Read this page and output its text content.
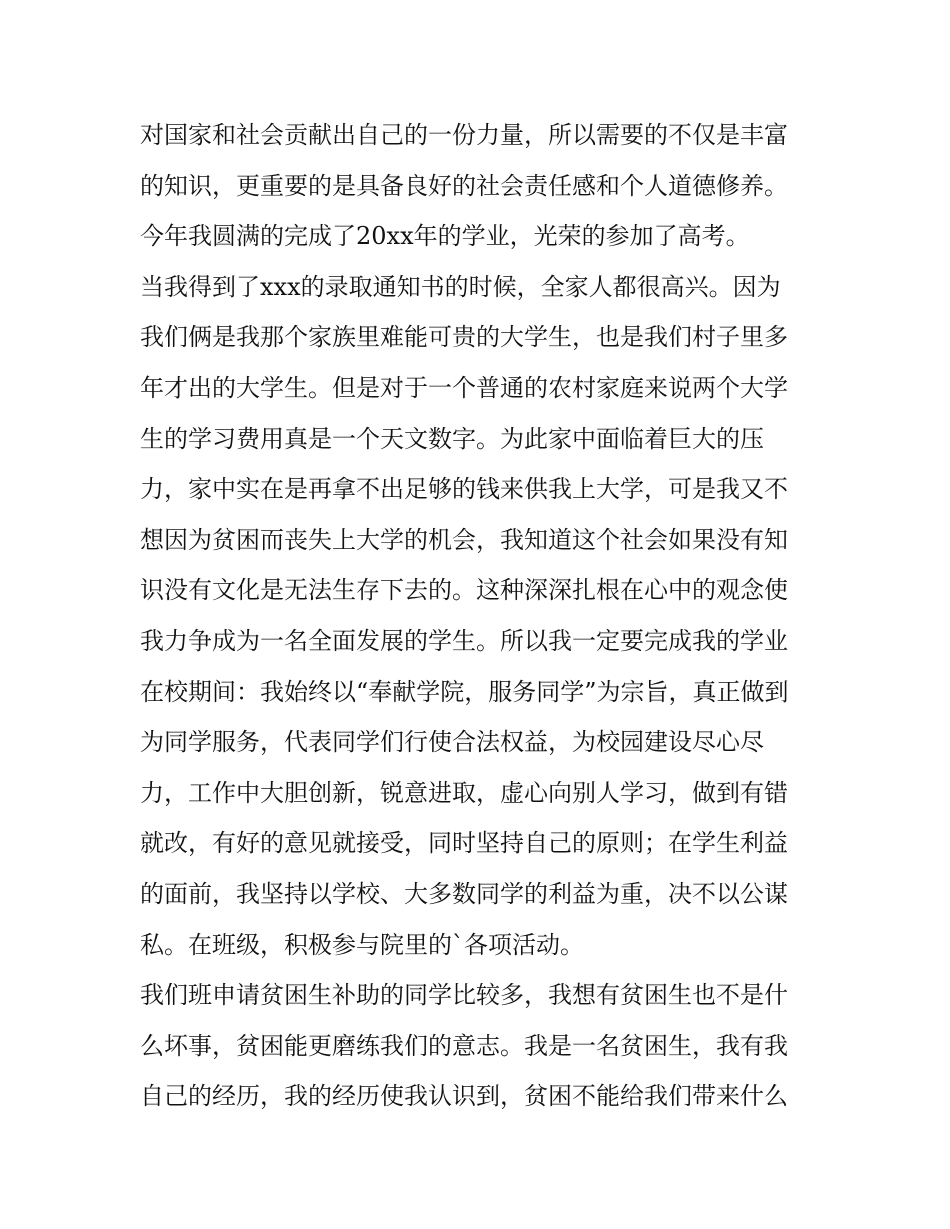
对国家和社会贡献出自己的一份力量，所以需要的不仅是丰富
的知识，更重要的是具备良好的社会责任感和个人道德修养。
今年我圆满的完成了20xx年的学业，光荣的参加了高考。
当我得到了xxx的录取通知书的时候，全家人都很高兴。因为
我们俩是我那个家族里难能可贵的大学生，也是我们村子里多
年才出的大学生。但是对于一个普通的农村家庭来说两个大学
生的学习费用真是一个天文数字。为此家中面临着巨大的压
力，家中实在是再拿不出足够的钱来供我上大学，可是我又不
想因为贫困而丧失上大学的机会，我知道这个社会如果没有知
识没有文化是无法生存下去的。这种深深扎根在心中的观念使
我力争成为一名全面发展的学生。所以我一定要完成我的学业
在校期间：我始终以“奉献学院，服务同学”为宗旨，真正做到
为同学服务，代表同学们行使合法权益，为校园建设尽心尽
力，工作中大胆创新，锐意进取，虚心向别人学习，做到有错
就改，有好的意见就接受，同时坚持自己的原则；在学生利益
的面前，我坚持以学校、大多数同学的利益为重，决不以公谋
私。在班级，积极参与院里的`各项活动。
我们班申请贫困生补助的同学比较多，我想有贫困生也不是什
么坏事，贫困能更磨练我们的意志。我是一名贫困生，我有我
自己的经历，我的经历使我认识到，贫困不能给我们带来什么
